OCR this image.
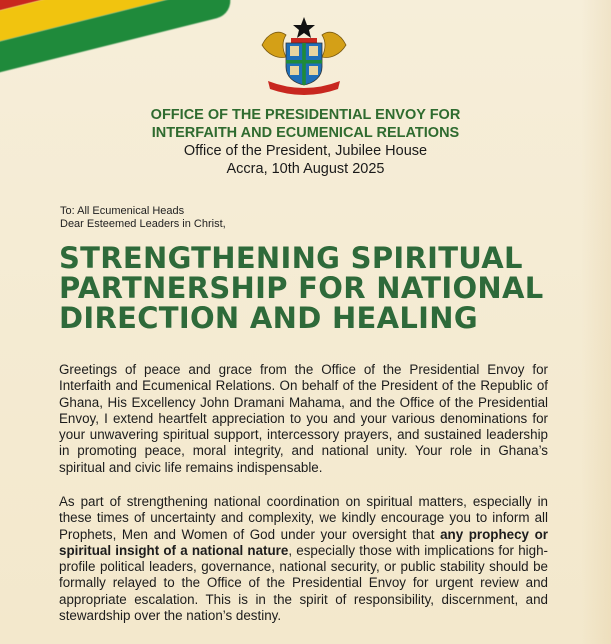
OFFICE OF THE PRESIDENTIAL ENVOY FOR
INTERFAITH AND ECUMENICAL RELATIONS
Office of the President, Jubilee House
Accra, 10th August 2025
To: All Ecumenical Heads
Dear Esteemed Leaders in Christ,
STRENGTHENING SPIRITUAL
PARTNERSHIP FOR NATIONAL
DIRECTION AND HEALING
Greetings of peace and grace from the Office of the Presidential Envoy for Interfaith and Ecumenical Relations. On behalf of the President of the Republic of Ghana, His Excellency John Dramani Mahama, and the Office of the Presidential Envoy, I extend heartfelt appreciation to you and your various denominations for your unwavering spiritual support, intercessory prayers, and sustained leadership in promoting peace, moral integrity, and national unity. Your role in Ghana’s spiritual and civic life remains indispensable.
As part of strengthening national coordination on spiritual matters, especially in these times of uncertainty and complexity, we kindly encourage you to inform all Prophets, Men and Women of God under your oversight that any prophecy or spiritual insight of a national nature, especially those with implications for high-profile political leaders, governance, national security, or public stability should be formally relayed to the Office of the Presidential Envoy for urgent review and appropriate escalation. This is in the spirit of responsibility, discernment, and stewardship over the nation’s destiny.
